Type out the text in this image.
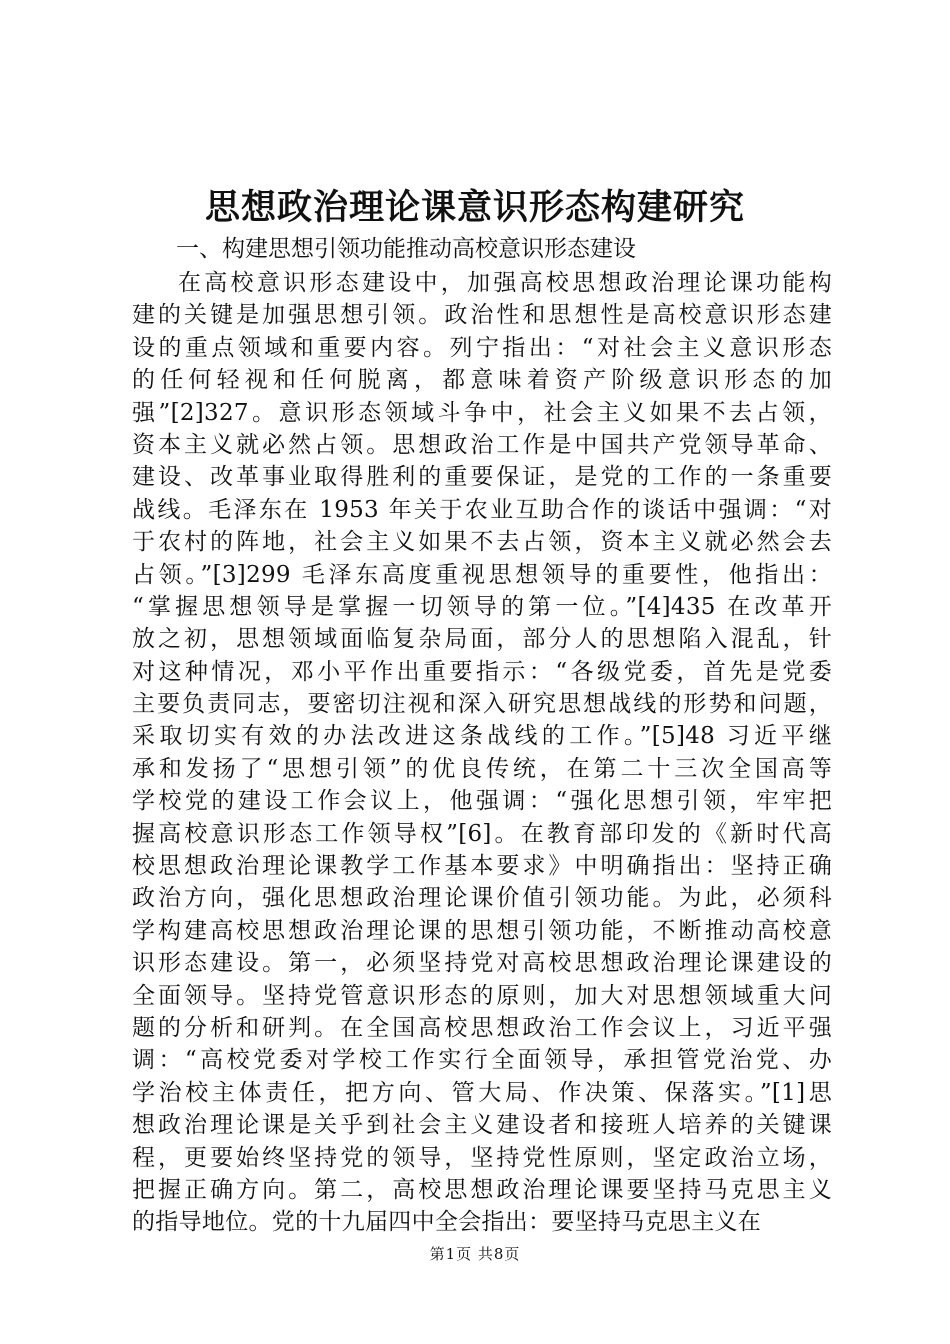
思想政治理论课意识形态构建研究

一、构建思想引领功能推动高校意识形态建设

在高校意识形态建设中，加强高校思想政治理论课功能构
建的关键是加强思想引领。政治性和思想性是高校意识形态建
设的重点领域和重要内容。列宁指出：“对社会主义意识形态
的任何轻视和任何脱离，都意味着资产阶级意识形态的加
强”[2]327。意识形态领域斗争中，社会主义如果不去占领，
资本主义就必然占领。思想政治工作是中国共产党领导革命、
建设、改革事业取得胜利的重要保证，是党的工作的一条重要
战线。毛泽东在 1953 年关于农业互助合作的谈话中强调：“对
于农村的阵地，社会主义如果不去占领，资本主义就必然会去
占领。”[3]299 毛泽东高度重视思想领导的重要性，他指出：
“掌握思想领导是掌握一切领导的第一位。”[4]435 在改革开
放之初，思想领域面临复杂局面，部分人的思想陷入混乱，针
对这种情况，邓小平作出重要指示：“各级党委，首先是党委
主要负责同志，要密切注视和深入研究思想战线的形势和问题，
采取切实有效的办法改进这条战线的工作。”[5]48 习近平继
承和发扬了“思想引领”的优良传统，在第二十三次全国高等
学校党的建设工作会议上，他强调：“强化思想引领，牢牢把
握高校意识形态工作领导权”[6]。在教育部印发的《新时代高
校思想政治理论课教学工作基本要求》中明确指出：坚持正确
政治方向，强化思想政治理论课价值引领功能。为此，必须科
学构建高校思想政治理论课的思想引领功能，不断推动高校意
识形态建设。第一，必须坚持党对高校思想政治理论课建设的
全面领导。坚持党管意识形态的原则，加大对思想领域重大问
题的分析和研判。在全国高校思想政治工作会议上，习近平强
调：“高校党委对学校工作实行全面领导，承担管党治党、办
学治校主体责任，把方向、管大局、作决策、保落实。”[1]思
想政治理论课是关乎到社会主义建设者和接班人培养的关键课
程，更要始终坚持党的领导，坚持党性原则，坚定政治立场，
把握正确方向。第二，高校思想政治理论课要坚持马克思主义
的指导地位。党的十九届四中全会指出：要坚持马克思主义在
第1页 共8页
